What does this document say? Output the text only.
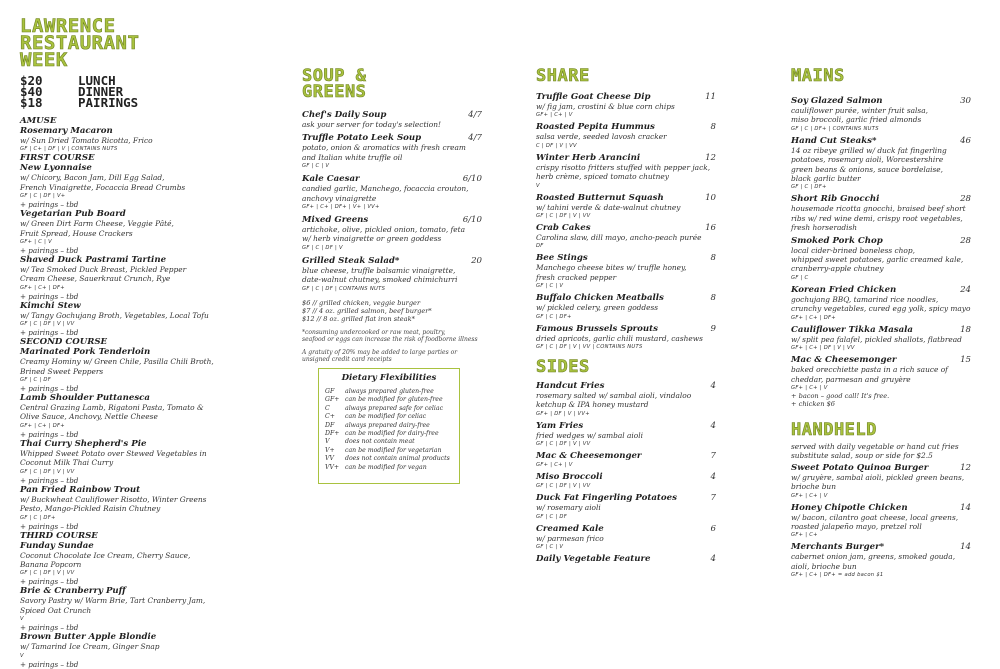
LAWRENCE
RESTAURANT
WEEK
$20	LUNCH
$40	DINNER
$18	PAIRINGS
AMUSE
Rosemary Macaron
w/ Sun Dried Tomato Ricotta, Frico
GF | C+ | DF | V | CONTAINS NUTS
FIRST COURSE
New Lyonnaise
w/ Chicory, Bacon Jam, Dill Egg Salad,
French Vinaigrette, Focaccia Bread Crumbs
GF | C | DF | V+
+ pairings – tbd
Vegetarian Pub Board
w/ Green Dirt Farm Cheese, Veggie Pâté,
Fruit Spread, House Crackers
GF+ | C | V
+ pairings – tbd
Shaved Duck Pastrami Tartine
w/ Tea Smoked Duck Breast, Pickled Pepper
Cream Cheese, Sauerkraut Crunch, Rye
GF+ | C+ | DF+
+ pairings – tbd
Kimchi Stew
w/ Tangy Gochujang Broth, Vegetables, Local Tofu
GF | C | DF | V | VV
+ pairings – tbd
SECOND COURSE
Marinated Pork Tenderloin
Creamy Hominy w/ Green Chile, Pasilla Chili Broth,
Brined Sweet Peppers
GF | C | DF
+ pairings – tbd
Lamb Shoulder Puttanesca
Central Grazing Lamb, Rigatoni Pasta, Tomato &
Olive Sauce, Anchovy, Nettle Cheese
GF+ | C+ | DF+
+ pairings – tbd
Thai Curry Shepherd's Pie
Whipped Sweet Potato over Stewed Vegetables in
Coconut Milk Thai Curry
GF | C | DF | V | VV
+ pairings – tbd
Pan Fried Rainbow Trout
w/ Buckwheat Cauliflower Risotto, Winter Greens
Pesto, Mango-Pickled Raisin Chutney
GF | C | DF+
+ pairings – tbd
THIRD COURSE
Funday Sundae
Coconut Chocolate Ice Cream, Cherry Sauce,
Banana Popcorn
GF | C | DF | V | VV
+ pairings – tbd
Brie & Cranberry Puff
Savory Pastry w/ Warm Brie, Tart Cranberry Jam,
Spiced Oat Crunch
V
+ pairings – tbd
Brown Butter Apple Blondie
w/ Tamarind Ice Cream, Ginger Snap
V
+ pairings – tbd
SOUP &
GREENS
Chef's Daily Soup	4/7
ask your server for today's selection!
Truffle Potato Leek Soup	4/7
potato, onion & aromatics with fresh cream
and Italian white truffle oil
GF | C | V
Kale Caesar	6/10
candied garlic, Manchego, focaccia crouton,
anchovy vinaigrette
GF+ | C+ | DF+ | V+ | VV+
Mixed Greens	6/10
artichoke, olive, pickled onion, tomato, feta
w/ herb vinaigrette or green goddess
GF | C | DF | V
Grilled Steak Salad*	20
blue cheese, truffle balsamic vinaigrette,
date-walnut chutney, smoked chimichurri
GF | C | DF | CONTAINS NUTS
$6 // grilled chicken, veggie burger
$7 // 4 oz. grilled salmon, beef burger*
$12 // 8 oz. grilled flat iron steak*
*consuming undercooked or raw meat, poultry,
seafood or eggs can increase the risk of foodborne illness
A gratuity of 20% may be added to large parties or
unsigned credit card receipts
Dietary Flexibilities
GF	always prepared gluten-free
GF+ can be modified for gluten-free
C	always prepared safe for celiac
C+	can be modified for celiac
DF	always prepared dairy-free
DF+ can be modified for dairy-free
V	does not contain meat
V+	can be modified for vegetarian
VV	does not contain animal products
VV+ can be modified for vegan
SHARE
Truffle Goat Cheese Dip	11
w/ fig jam, crostini & blue corn chips
GF+ | C+ | V
Roasted Pepita Hummus	8
salsa verde, seeded lavosh cracker
C | DF | V | VV
Winter Herb Arancini	12
crispy risotto fritters stuffed with pepper jack,
herb crème, spiced tomato chutney
V
Roasted Butternut Squash	10
w/ tahini verde & date-walnut chutney
GF | C | DF | V | VV
Crab Cakes	16
Carolina slaw, dill mayo, ancho-peach purée
DF
Bee Stings	8
Manchego cheese bites w/ truffle honey,
fresh cracked pepper
GF | C | V
Buffalo Chicken Meatballs	8
w/ pickled celery, green goddess
GF | C | DF+
Famous Brussels Sprouts	9
dried apricots, garlic chili mustard, cashews
GF | C | DF | V | VV | CONTAINS NUTS
SIDES
Handcut Fries	4
rosemary salted w/ sambal aioli, vindaloo
ketchup & IPA honey mustard
GF+ | DF | V | VV+
Yam Fries	4
fried wedges w/ sambal aioli
GF | C | DF | V | VV
Mac & Cheesemonger	7
GF+ | C+ | V
Miso Broccoli	4
GF | C | DF | V | VV
Duck Fat Fingerling Potatoes	7
w/ rosemary aioli
GF | C | DF
Creamed Kale	6
w/ parmesan frico
GF | C | V
Daily Vegetable Feature	4
MAINS
Soy Glazed Salmon	30
cauliflower purée, winter fruit salsa,
miso broccoli, garlic fried almonds
GF | C | DF+ | CONTAINS NUTS
Hand Cut Steaks*	46
14 oz ribeye grilled w/ duck fat fingerling
potatoes, rosemary aioli, Worcestershire
green beans & onions, sauce bordelaise,
black garlic butter
GF | C | DF+
Short Rib Gnocchi	28
housemade ricotta gnocchi, braised beef short
ribs w/ red wine demi, crispy root vegetables,
fresh horseradish
Smoked Pork Chop	28
local cider-brined boneless chop,
whipped sweet potatoes, garlic creamed kale,
cranberry-apple chutney
GF | C
Korean Fried Chicken	24
gochujang BBQ, tamarind rice noodles,
crunchy vegetables, cured egg yolk, spicy mayo
GF+ | C+ | DF+
Cauliflower Tikka Masala	18
w/ split pea falafel, pickled shallots, flatbread
GF+ | C+ | DF | V | VV
Mac & Cheesemonger	15
baked orecchiette pasta in a rich sauce of
cheddar, parmesan and gruyère
GF+ | C+ | V
+ bacon – good call! It's free.
+ chicken $6
HANDHELD
served with daily vegetable or hand cut fries
substitute salad, soup or side for $2.5
Sweet Potato Quinoa Burger	12
w/ gruyère, sambal aioli, pickled green beans,
brioche bun
GF+ | C+ | V
Honey Chipotle Chicken	14
w/ bacon, cilantro goat cheese, local greens,
roasted jalapeño mayo, pretzel roll
GF+ | C+
Merchants Burger*	14
cabernet onion jam, greens, smoked gouda,
aioli, brioche bun
GF+ | C+ | DF+ = add bacon $1
